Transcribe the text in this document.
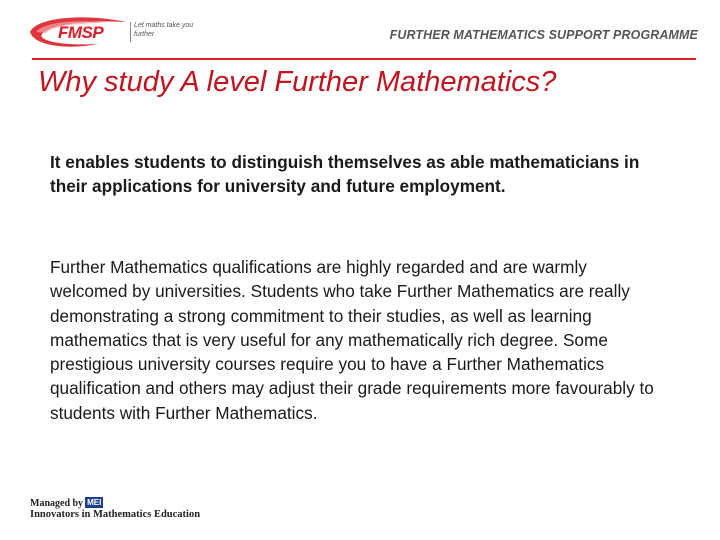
FMSP	Let maths take you further	FURTHER MATHEMATICS SUPPORT PROGRAMME
Why study A level Further Mathematics?
It enables students to distinguish themselves as able mathematicians in their applications for university and future employment.
Further Mathematics qualifications are highly regarded and are warmly welcomed by universities. Students who take Further Mathematics are really demonstrating a strong commitment to their studies, as well as learning mathematics that is very useful for any mathematically rich degree. Some prestigious university courses require you to have a Further Mathematics qualification and others may adjust their grade requirements more favourably to students with Further Mathematics.
Managed by MEI
Innovators in Mathematics Education
